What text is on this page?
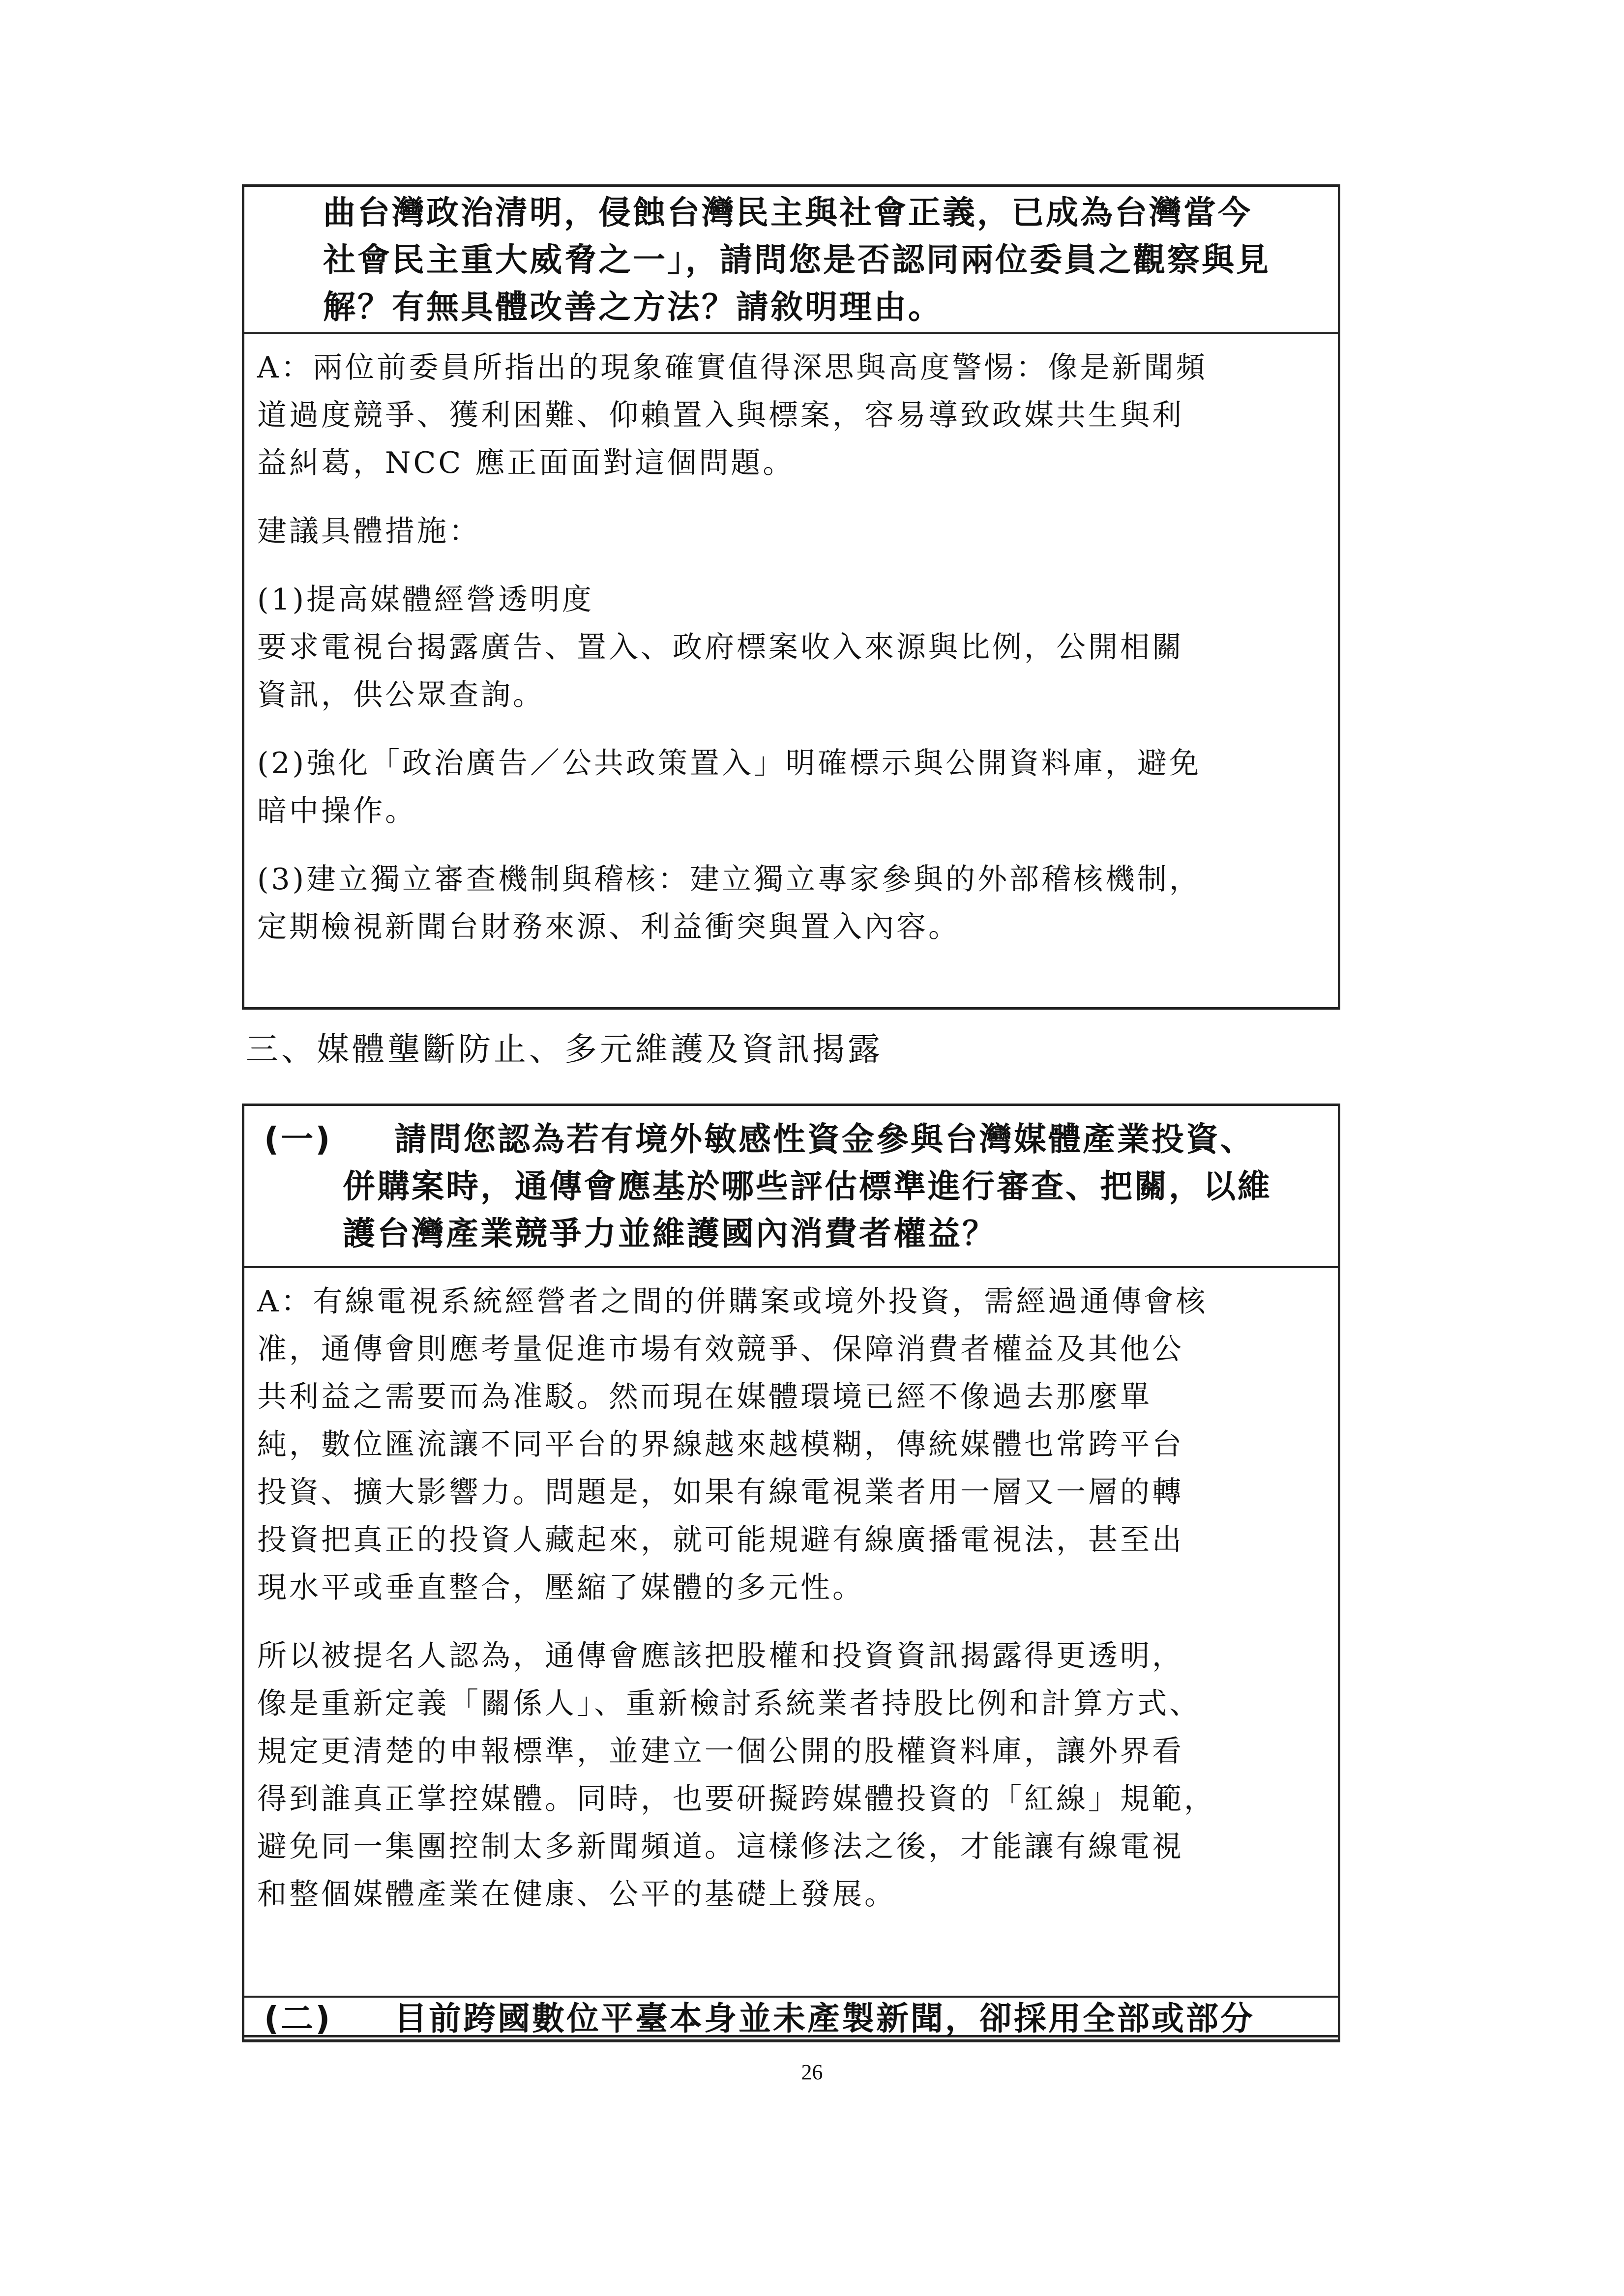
曲台灣政治清明，侵蝕台灣民主與社會正義，已成為台灣當今
社會民主重大威脅之一」，請問您是否認同兩位委員之觀察與見
解？有無具體改善之方法？請敘明理由。

A：兩位前委員所指出的現象確實值得深思與高度警惕：像是新聞頻
道過度競爭、獲利困難、仰賴置入與標案，容易導致政媒共生與利
益糾葛，NCC 應正面面對這個問題。

建議具體措施：

(1)提高媒體經營透明度
要求電視台揭露廣告、置入、政府標案收入來源與比例，公開相關
資訊，供公眾查詢。

(2)強化「政治廣告／公共政策置入」明確標示與公開資料庫，避免
暗中操作。

(3)建立獨立審查機制與稽核：建立獨立專家參與的外部稽核機制，
定期檢視新聞台財務來源、利益衝突與置入內容。

三、媒體壟斷防止、多元維護及資訊揭露
(一) 請問您認為若有境外敏感性資金參與台灣媒體產業投資、
併購案時，通傳會應基於哪些評估標準進行審查、把關，以維
護台灣產業競爭力並維護國內消費者權益？

A：有線電視系統經營者之間的併購案或境外投資，需經過通傳會核
准，通傳會則應考量促進市場有效競爭、保障消費者權益及其他公
共利益之需要而為准駁。然而現在媒體環境已經不像過去那麼單
純，數位匯流讓不同平台的界線越來越模糊，傳統媒體也常跨平台
投資、擴大影響力。問題是，如果有線電視業者用一層又一層的轉
投資把真正的投資人藏起來，就可能規避有線廣播電視法，甚至出
現水平或垂直整合，壓縮了媒體的多元性。

所以被提名人認為，通傳會應該把股權和投資資訊揭露得更透明，
像是重新定義「關係人」、重新檢討系統業者持股比例和計算方式、
規定更清楚的申報標準，並建立一個公開的股權資料庫，讓外界看
得到誰真正掌控媒體。同時，也要研擬跨媒體投資的「紅線」規範，
避免同一集團控制太多新聞頻道。這樣修法之後，才能讓有線電視
和整個媒體產業在健康、公平的基礎上發展。

(二) 目前跨國數位平臺本身並未產製新聞，卻採用全部或部分
26
